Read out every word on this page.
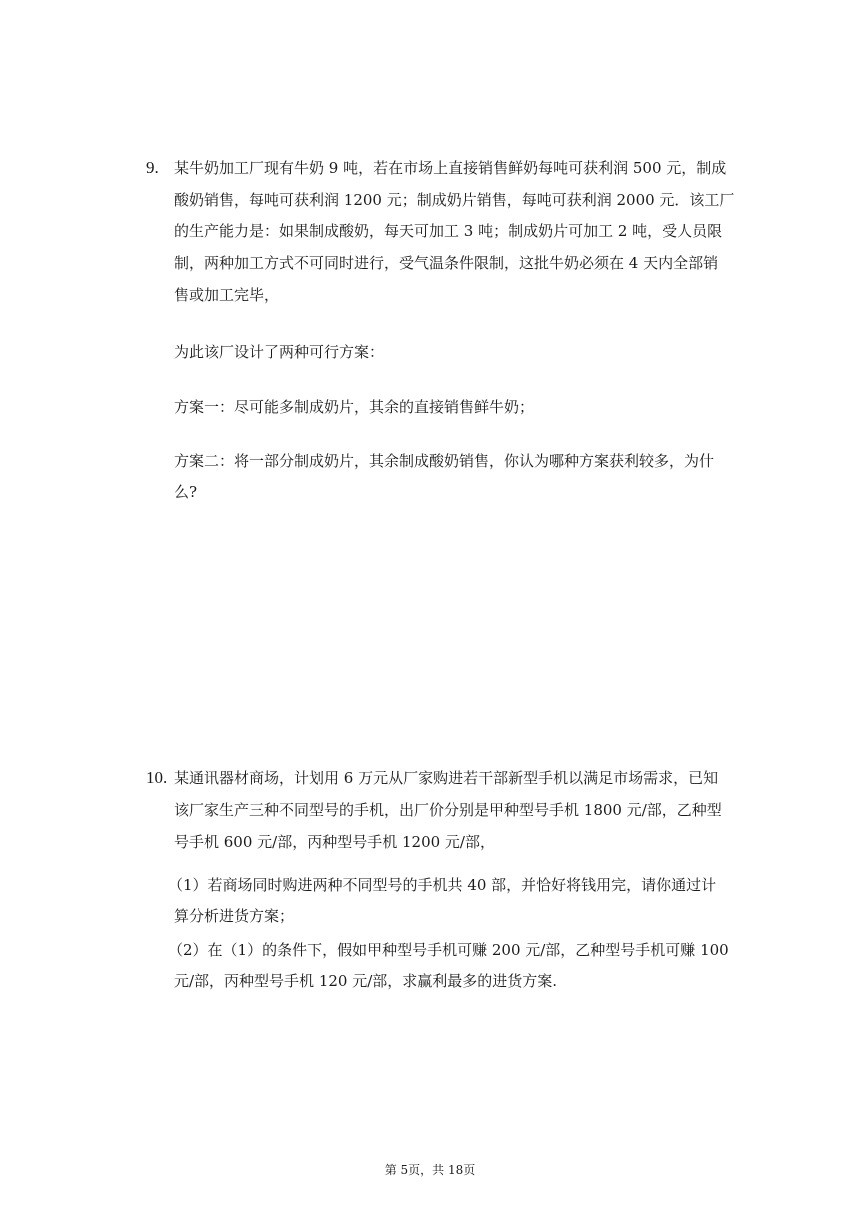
9. 某牛奶加工厂现有牛奶 9 吨，若在市场上直接销售鲜奶每吨可获利润 500 元，制成
酸奶销售，每吨可获利润 1200 元；制成奶片销售，每吨可获利润 2000 元．该工厂
的生产能力是：如果制成酸奶，每天可加工 3 吨；制成奶片可加工 2 吨，受人员限
制，两种加工方式不可同时进行，受气温条件限制，这批牛奶必须在 4 天内全部销
售或加工完毕，
为此该厂设计了两种可行方案：
方案一：尽可能多制成奶片，其余的直接销售鲜牛奶；
方案二：将一部分制成奶片，其余制成酸奶销售，你认为哪种方案获利较多，为什
么?
10. 某通讯器材商场，计划用 6 万元从厂家购进若干部新型手机以满足市场需求，已知
该厂家生产三种不同型号的手机，出厂价分别是甲种型号手机 1800 元/部，乙种型
号手机 600 元/部，丙种型号手机 1200 元/部，
（1）若商场同时购进两种不同型号的手机共 40 部，并恰好将钱用完，请你通过计
算分析进货方案；
（2）在（1）的条件下，假如甲种型号手机可赚 200 元/部，乙种型号手机可赚 100
元/部，丙种型号手机 120 元/部，求赢利最多的进货方案.
第 5页，共 18页
